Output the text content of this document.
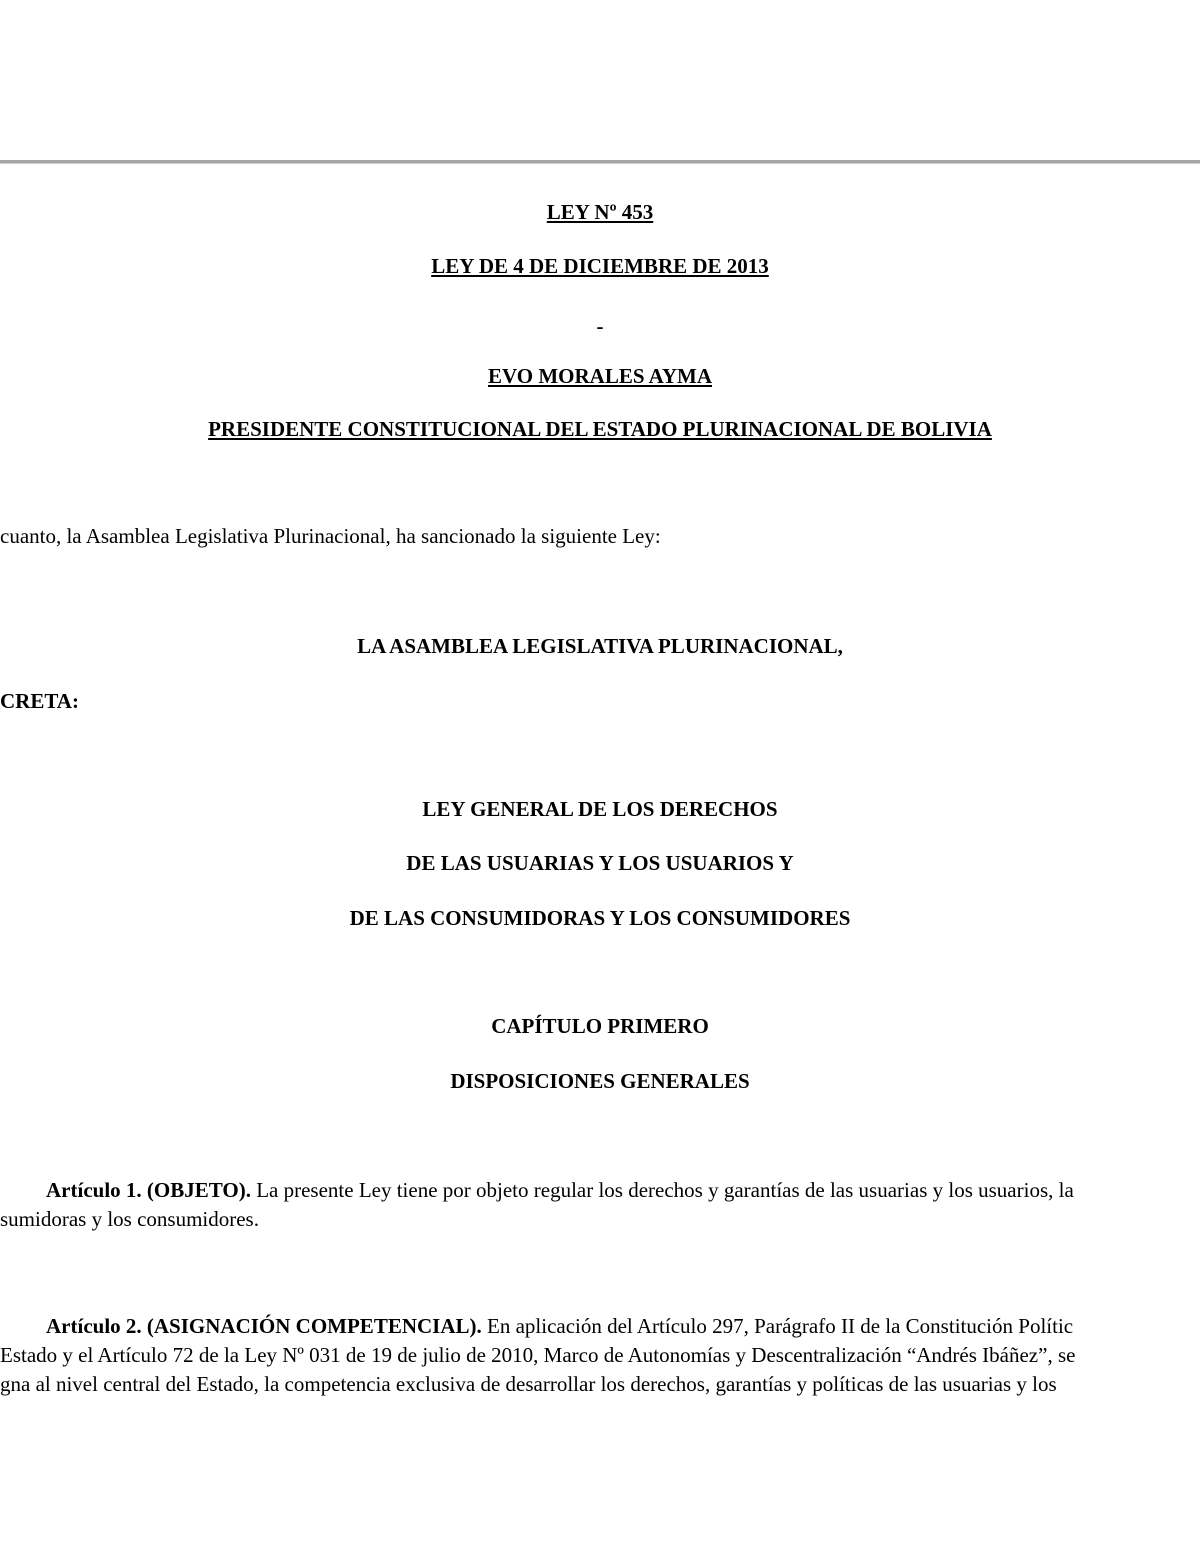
LEY Nº 453
LEY DE 4 DE DICIEMBRE DE 2013
-
EVO MORALES AYMA
PRESIDENTE CONSTITUCIONAL DEL ESTADO PLURINACIONAL DE BOLIVIA
cuanto, la Asamblea Legislativa Plurinacional, ha sancionado la siguiente Ley:
LA ASAMBLEA LEGISLATIVA PLURINACIONAL,
CRETA:
LEY GENERAL DE LOS DERECHOS
DE LAS USUARIAS Y LOS USUARIOS Y
DE LAS CONSUMIDORAS Y LOS CONSUMIDORES
CAPÍTULO PRIMERO
DISPOSICIONES GENERALES
Artículo 1. (OBJETO). La presente Ley tiene por objeto regular los derechos y garantías de las usuarias y los usuarios, la
sumidoras y los consumidores.
Artículo 2. (ASIGNACIÓN COMPETENCIAL). En aplicación del Artículo 297, Parágrafo II de la Constitución Polític
Estado y el Artículo 72 de la Ley Nº 031 de 19 de julio de 2010, Marco de Autonomías y Descentralización “Andrés Ibáñez”, se
gna al nivel central del Estado, la competencia exclusiva de desarrollar los derechos, garantías y políticas de las usuarias y los
